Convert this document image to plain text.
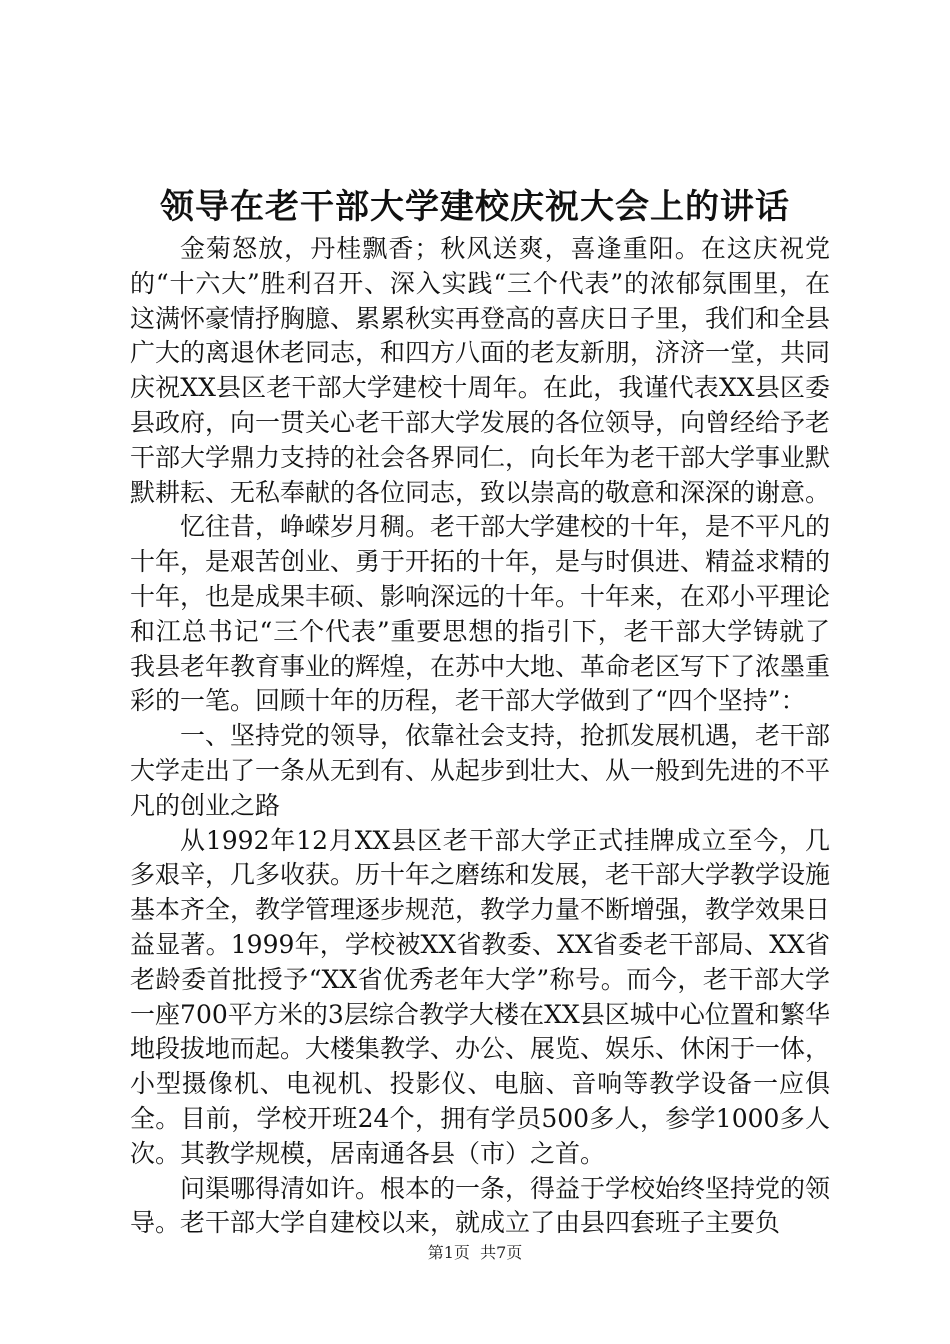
领导在老干部大学建校庆祝大会上的讲话

金菊怒放，丹桂飘香；秋风送爽，喜逢重阳。在这庆祝党的“十六大”胜利召开、深入实践“三个代表”的浓郁氛围里，在这满怀豪情抒胸臆、累累秋实再登高的喜庆日子里，我们和全县广大的离退休老同志，和四方八面的老友新朋，济济一堂，共同庆祝XX县区老干部大学建校十周年。在此，我谨代表XX县区委县政府，向一贯关心老干部大学发展的各位领导，向曾经给予老干部大学鼎力支持的社会各界同仁，向长年为老干部大学事业默默耕耘、无私奉献的各位同志，致以崇高的敬意和深深的谢意。

忆往昔，峥嵘岁月稠。老干部大学建校的十年，是不平凡的十年，是艰苦创业、勇于开拓的十年，是与时俱进、精益求精的十年，也是成果丰硕、影响深远的十年。十年来，在邓小平理论和江总书记“三个代表”重要思想的指引下，老干部大学铸就了我县老年教育事业的辉煌，在苏中大地、革命老区写下了浓墨重彩的一笔。回顾十年的历程，老干部大学做到了“四个坚持”：

一、坚持党的领导，依靠社会支持，抢抓发展机遇，老干部大学走出了一条从无到有、从起步到壮大、从一般到先进的不平凡的创业之路

从1992年12月XX县区老干部大学正式挂牌成立至今，几多艰辛，几多收获。历十年之磨练和发展，老干部大学教学设施基本齐全，教学管理逐步规范，教学力量不断增强，教学效果日益显著。1999年，学校被XX省教委、XX省委老干部局、XX省老龄委首批授予“XX省优秀老年大学”称号。而今，老干部大学一座700平方米的3层综合教学大楼在XX县区城中心位置和繁华地段拔地而起。大楼集教学、办公、展览、娱乐、休闲于一体，小型摄像机、电视机、投影仪、电脑、音响等教学设备一应俱全。目前，学校开班24个，拥有学员500多人，参学1000多人次。其教学规模，居南通各县（市）之首。

问渠哪得清如许。根本的一条，得益于学校始终坚持党的领导。老干部大学自建校以来，就成立了由县四套班子主要负

第1页 共7页
